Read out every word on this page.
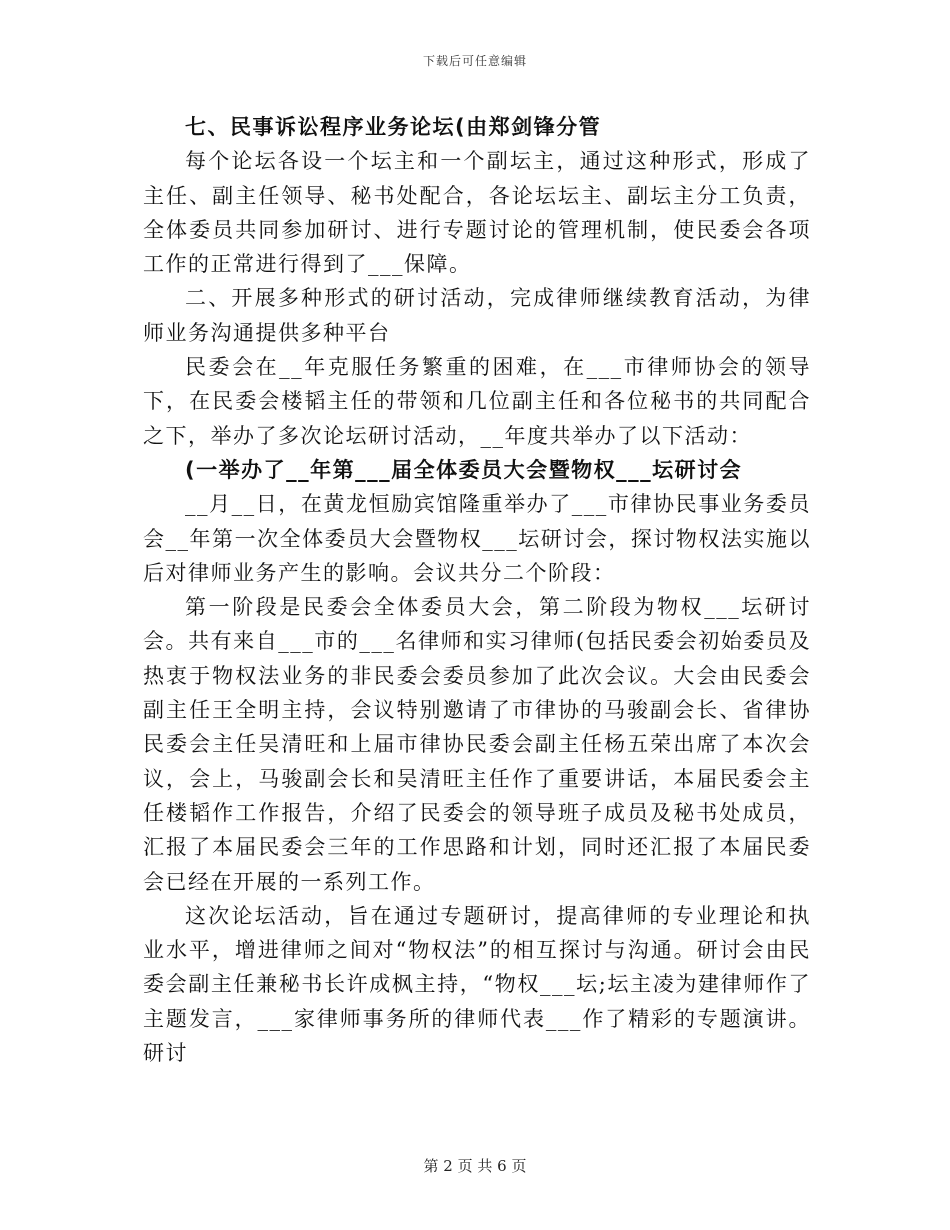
下载后可任意编辑

七、民事诉讼程序业务论坛(由郑剑锋分管

每个论坛各设一个坛主和一个副坛主，通过这种形式，形成了主任、副主任领导、秘书处配合，各论坛坛主、副坛主分工负责，全体委员共同参加研讨、进行专题讨论的管理机制，使民委会各项工作的正常进行得到了___保障。

二、开展多种形式的研讨活动，完成律师继续教育活动，为律师业务沟通提供多种平台

民委会在__年克服任务繁重的困难，在___市律师协会的领导下，在民委会楼韬主任的带领和几位副主任和各位秘书的共同配合之下，举办了多次论坛研讨活动，__年度共举办了以下活动：

(一举办了__年第___届全体委员大会暨物权___坛研讨会

__月__日，在黄龙恒励宾馆隆重举办了___市律协民事业务委员会__年第一次全体委员大会暨物权___坛研讨会，探讨物权法实施以后对律师业务产生的影响。会议共分二个阶段：

第一阶段是民委会全体委员大会，第二阶段为物权___坛研讨会。共有来自___市的___名律师和实习律师(包括民委会初始委员及热衷于物权法业务的非民委会委员参加了此次会议。大会由民委会副主任王全明主持，会议特别邀请了市律协的马骏副会长、省律协民委会主任吴清旺和上届市律协民委会副主任杨五荣出席了本次会议，会上，马骏副会长和吴清旺主任作了重要讲话，本届民委会主任楼韬作工作报告，介绍了民委会的领导班子成员及秘书处成员，汇报了本届民委会三年的工作思路和计划，同时还汇报了本届民委会已经在开展的一系列工作。

这次论坛活动，旨在通过专题研讨，提高律师的专业理论和执业水平，增进律师之间对“物权法”的相互探讨与沟通。研讨会由民委会副主任兼秘书长许成枫主持，“物权___坛;坛主凌为建律师作了主题发言，___家律师事务所的律师代表___作了精彩的专题演讲。研讨

第 2 页 共 6 页
